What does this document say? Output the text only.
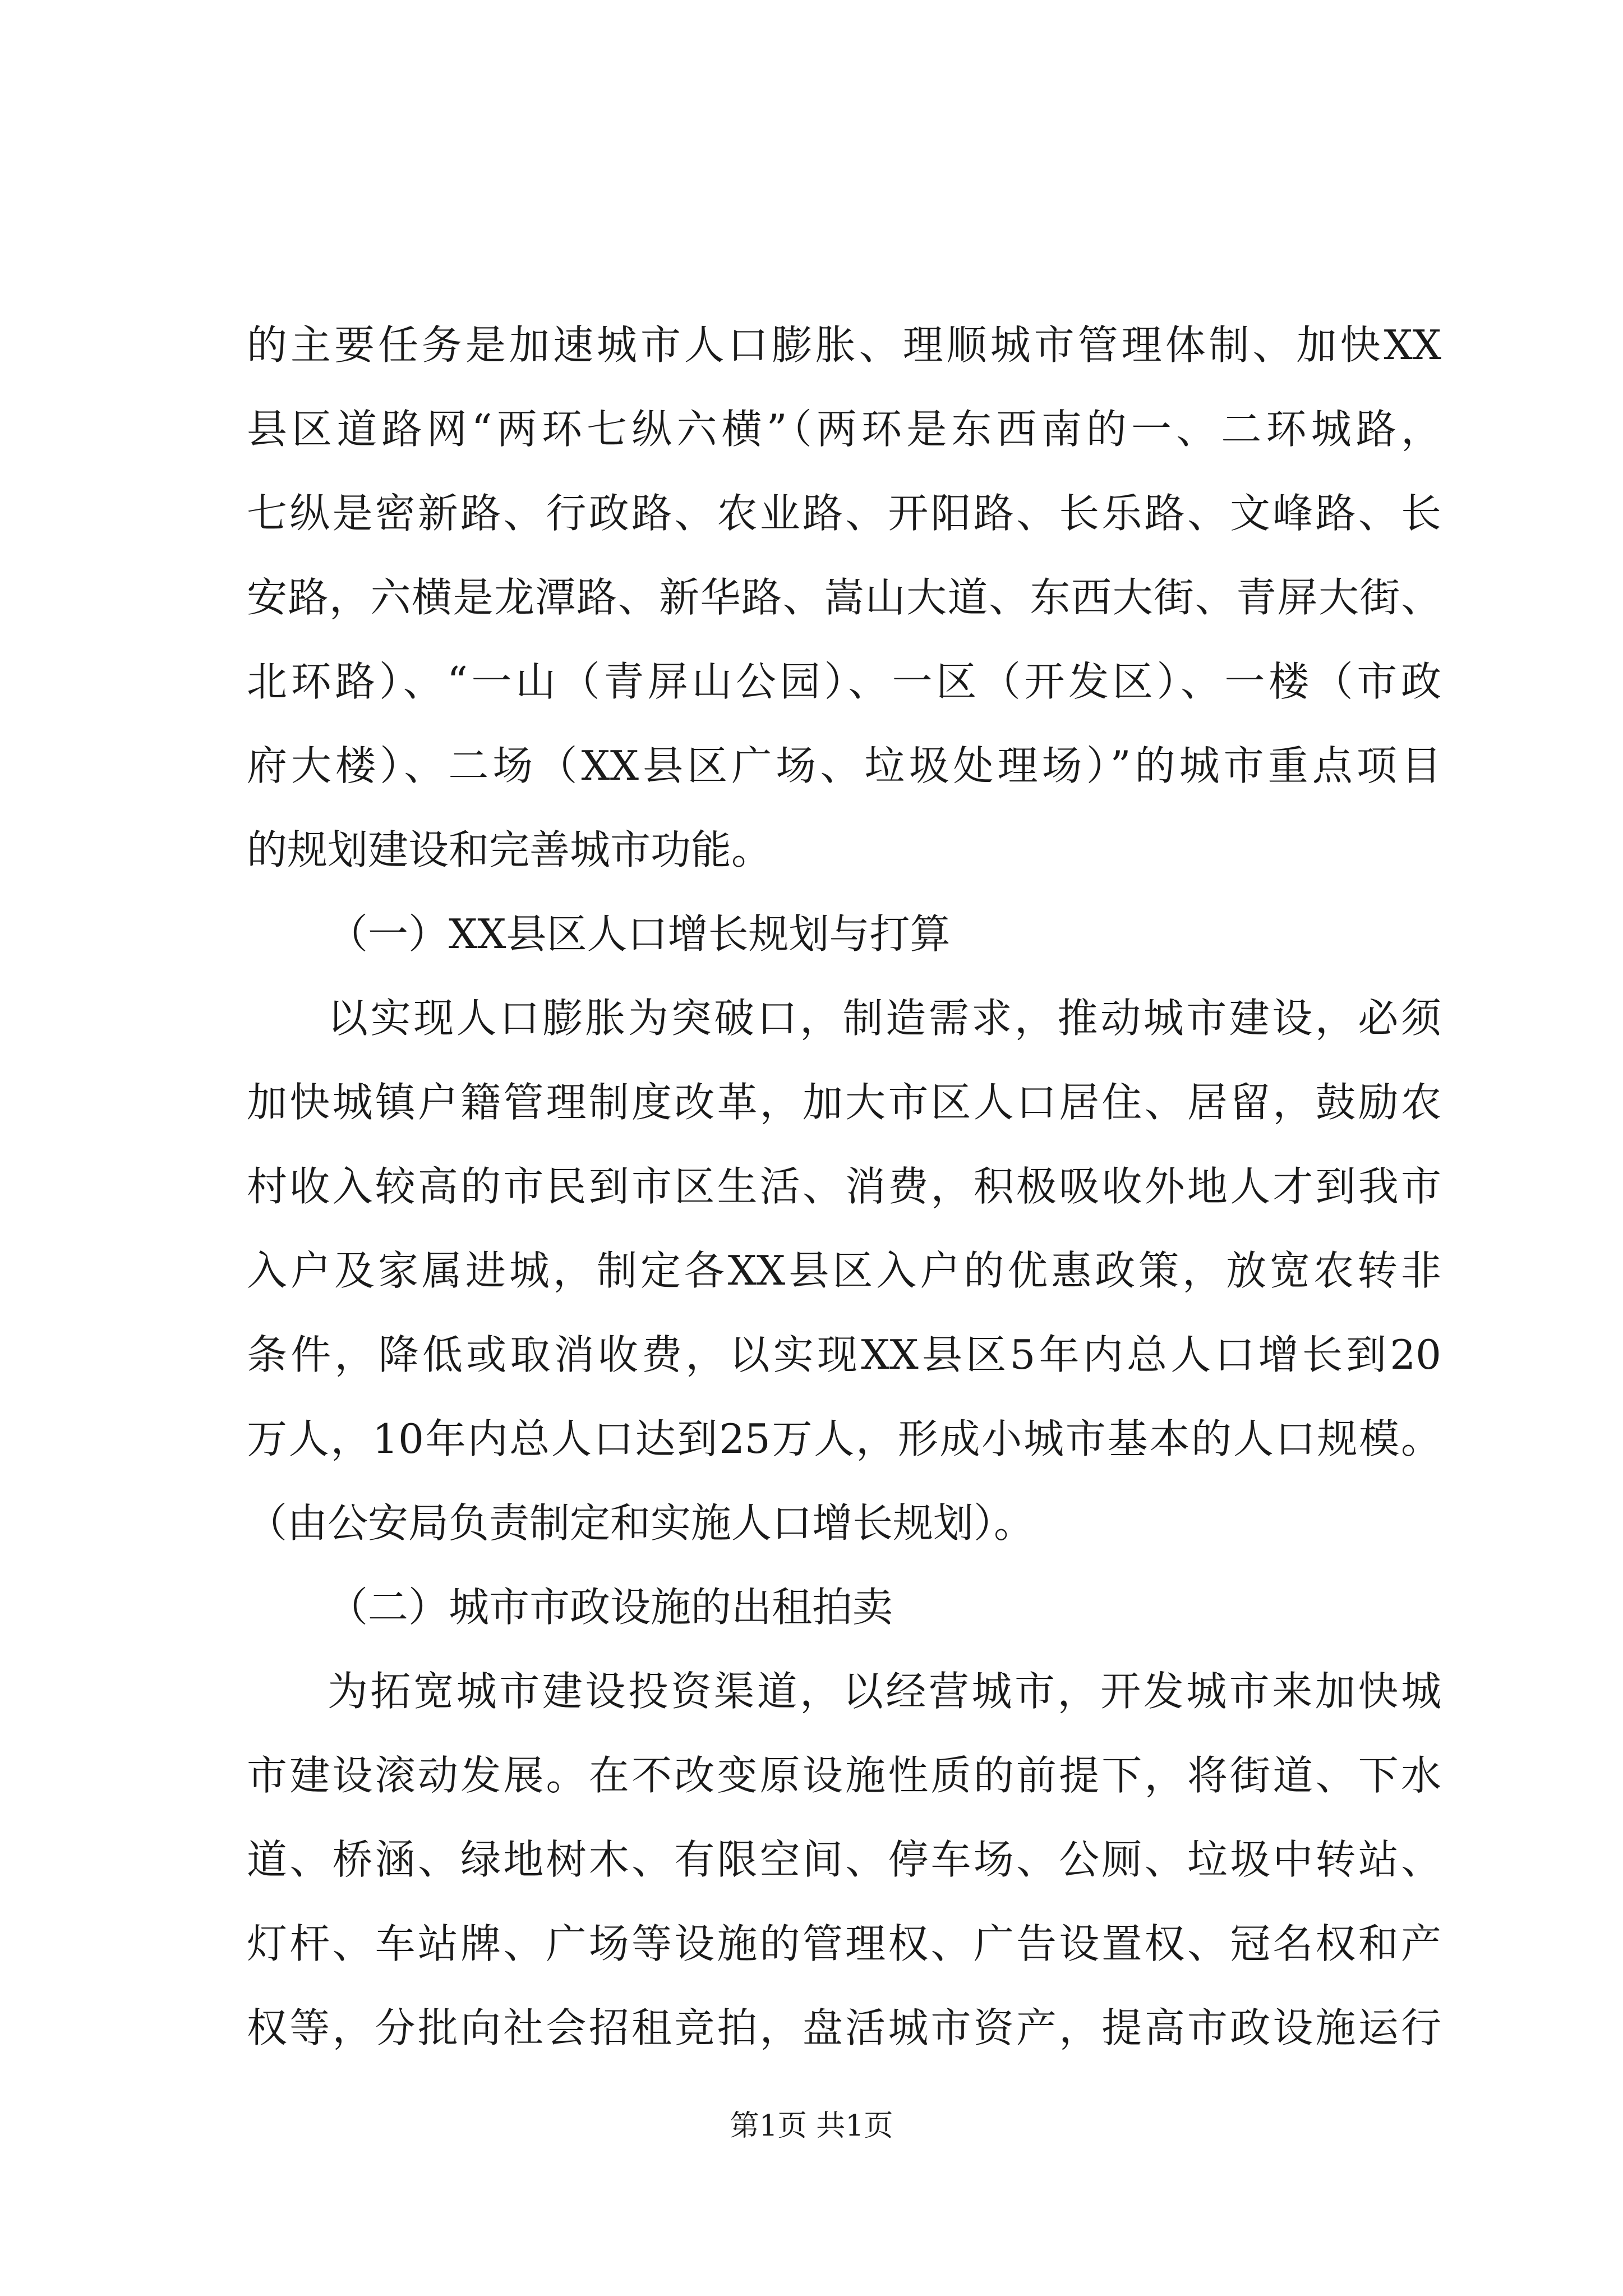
的主要任务是加速城市人口膨胀、理顺城市管理体制、加快XX
县区道路网“两环七纵六横”（两环是东西南的一、二环城路，
七纵是密新路、行政路、农业路、开阳路、长乐路、文峰路、长
安路，六横是龙潭路、新华路、嵩山大道、东西大街、青屏大街、
北环路）、“一山（青屏山公园）、一区（开发区）、一楼（市政
府大楼）、二场（XX县区广场、垃圾处理场）”的城市重点项目
的规划建设和完善城市功能。
（一）XX县区人口增长规划与打算
以实现人口膨胀为突破口，制造需求，推动城市建设，必须
加快城镇户籍管理制度改革，加大市区人口居住、居留，鼓励农
村收入较高的市民到市区生活、消费，积极吸收外地人才到我市
入户及家属进城，制定各XX县区入户的优惠政策，放宽农转非
条件，降低或取消收费，以实现XX县区5年内总人口增长到20
万人，10年内总人口达到25万人，形成小城市基本的人口规模。
（由公安局负责制定和实施人口增长规划）。
（二）城市市政设施的出租拍卖
为拓宽城市建设投资渠道，以经营城市，开发城市来加快城
市建设滚动发展。在不改变原设施性质的前提下，将街道、下水
道、桥涵、绿地树木、有限空间、停车场、公厕、垃圾中转站、
灯杆、车站牌、广场等设施的管理权、广告设置权、冠名权和产
权等，分批向社会招租竞拍，盘活城市资产，提高市政设施运行
第1页 共1页
